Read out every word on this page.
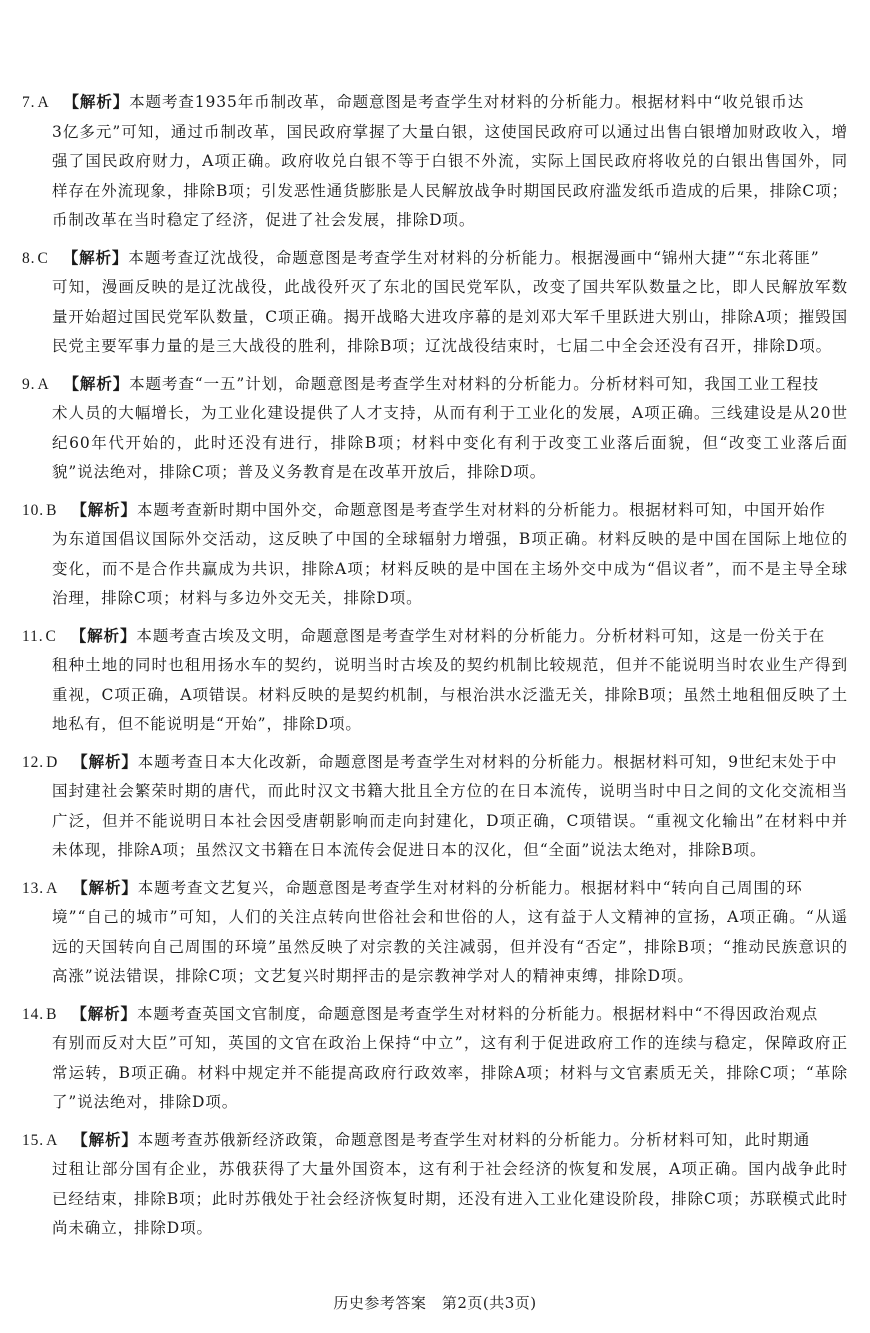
7. A 【解析】本题考查1935年币制改革，命题意图是考查学生对材料的分析能力。根据材料中“收兑银币达
3亿多元”可知，通过币制改革，国民政府掌握了大量白银，这使国民政府可以通过出售白银增加财政收入，增强了国民政府财力，A项正确。政府收兑白银不等于白银不外流，实际上国民政府将收兑的白银出售国外，同样存在外流现象，排除B项；引发恶性通货膨胀是人民解放战争时期国民政府滥发纸币造成的后果，排除C项；币制改革在当时稳定了经济，促进了社会发展，排除D项。
8. C 【解析】本题考查辽沈战役，命题意图是考查学生对材料的分析能力。根据漫画中“锦州大捷”“东北蒋匪”
可知，漫画反映的是辽沈战役，此战役歼灭了东北的国民党军队，改变了国共军队数量之比，即人民解放军数量开始超过国民党军队数量，C项正确。揭开战略大进攻序幕的是刘邓大军千里跃进大别山，排除A项；摧毁国民党主要军事力量的是三大战役的胜利，排除B项；辽沈战役结束时，七届二中全会还没有召开，排除D项。
9. A 【解析】本题考查“一五”计划，命题意图是考查学生对材料的分析能力。分析材料可知，我国工业工程技
术人员的大幅增长，为工业化建设提供了人才支持，从而有利于工业化的发展，A项正确。三线建设是从20世纪60年代开始的，此时还没有进行，排除B项；材料中变化有利于改变工业落后面貌，但“改变工业落后面貌”说法绝对，排除C项；普及义务教育是在改革开放后，排除D项。
10. B 【解析】本题考查新时期中国外交，命题意图是考查学生对材料的分析能力。根据材料可知，中国开始作
为东道国倡议国际外交活动，这反映了中国的全球辐射力增强，B项正确。材料反映的是中国在国际上地位的变化，而不是合作共赢成为共识，排除A项；材料反映的是中国在主场外交中成为“倡议者”，而不是主导全球治理，排除C项；材料与多边外交无关，排除D项。
11. C 【解析】本题考查古埃及文明，命题意图是考查学生对材料的分析能力。分析材料可知，这是一份关于在
租种土地的同时也租用扬水车的契约，说明当时古埃及的契约机制比较规范，但并不能说明当时农业生产得到重视，C项正确，A项错误。材料反映的是契约机制，与根治洪水泛滥无关，排除B项；虽然土地租佃反映了土地私有，但不能说明是“开始”，排除D项。
12. D 【解析】本题考查日本大化改新，命题意图是考查学生对材料的分析能力。根据材料可知，9世纪末处于中
国封建社会繁荣时期的唐代，而此时汉文书籍大批且全方位的在日本流传，说明当时中日之间的文化交流相当广泛，但并不能说明日本社会因受唐朝影响而走向封建化，D项正确，C项错误。“重视文化输出”在材料中并未体现，排除A项；虽然汉文书籍在日本流传会促进日本的汉化，但“全面”说法太绝对，排除B项。
13. A 【解析】本题考查文艺复兴，命题意图是考查学生对材料的分析能力。根据材料中“转向自己周围的环
境”“自己的城市”可知，人们的关注点转向世俗社会和世俗的人，这有益于人文精神的宣扬，A项正确。“从遥远的天国转向自己周围的环境”虽然反映了对宗教的关注减弱，但并没有“否定”，排除B项；“推动民族意识的高涨”说法错误，排除C项；文艺复兴时期抨击的是宗教神学对人的精神束缚，排除D项。
14. B 【解析】本题考查英国文官制度，命题意图是考查学生对材料的分析能力。根据材料中“不得因政治观点
有别而反对大臣”可知，英国的文官在政治上保持“中立”，这有利于促进政府工作的连续与稳定，保障政府正常运转，B项正确。材料中规定并不能提高政府行政效率，排除A项；材料与文官素质无关，排除C项；“革除了”说法绝对，排除D项。
15. A 【解析】本题考查苏俄新经济政策，命题意图是考查学生对材料的分析能力。分析材料可知，此时期通
过租让部分国有企业，苏俄获得了大量外国资本，这有利于社会经济的恢复和发展，A项正确。国内战争此时已经结束，排除B项；此时苏俄处于社会经济恢复时期，还没有进入工业化建设阶段，排除C项；苏联模式此时尚未确立，排除D项。
历史参考答案　第2页(共3页)
